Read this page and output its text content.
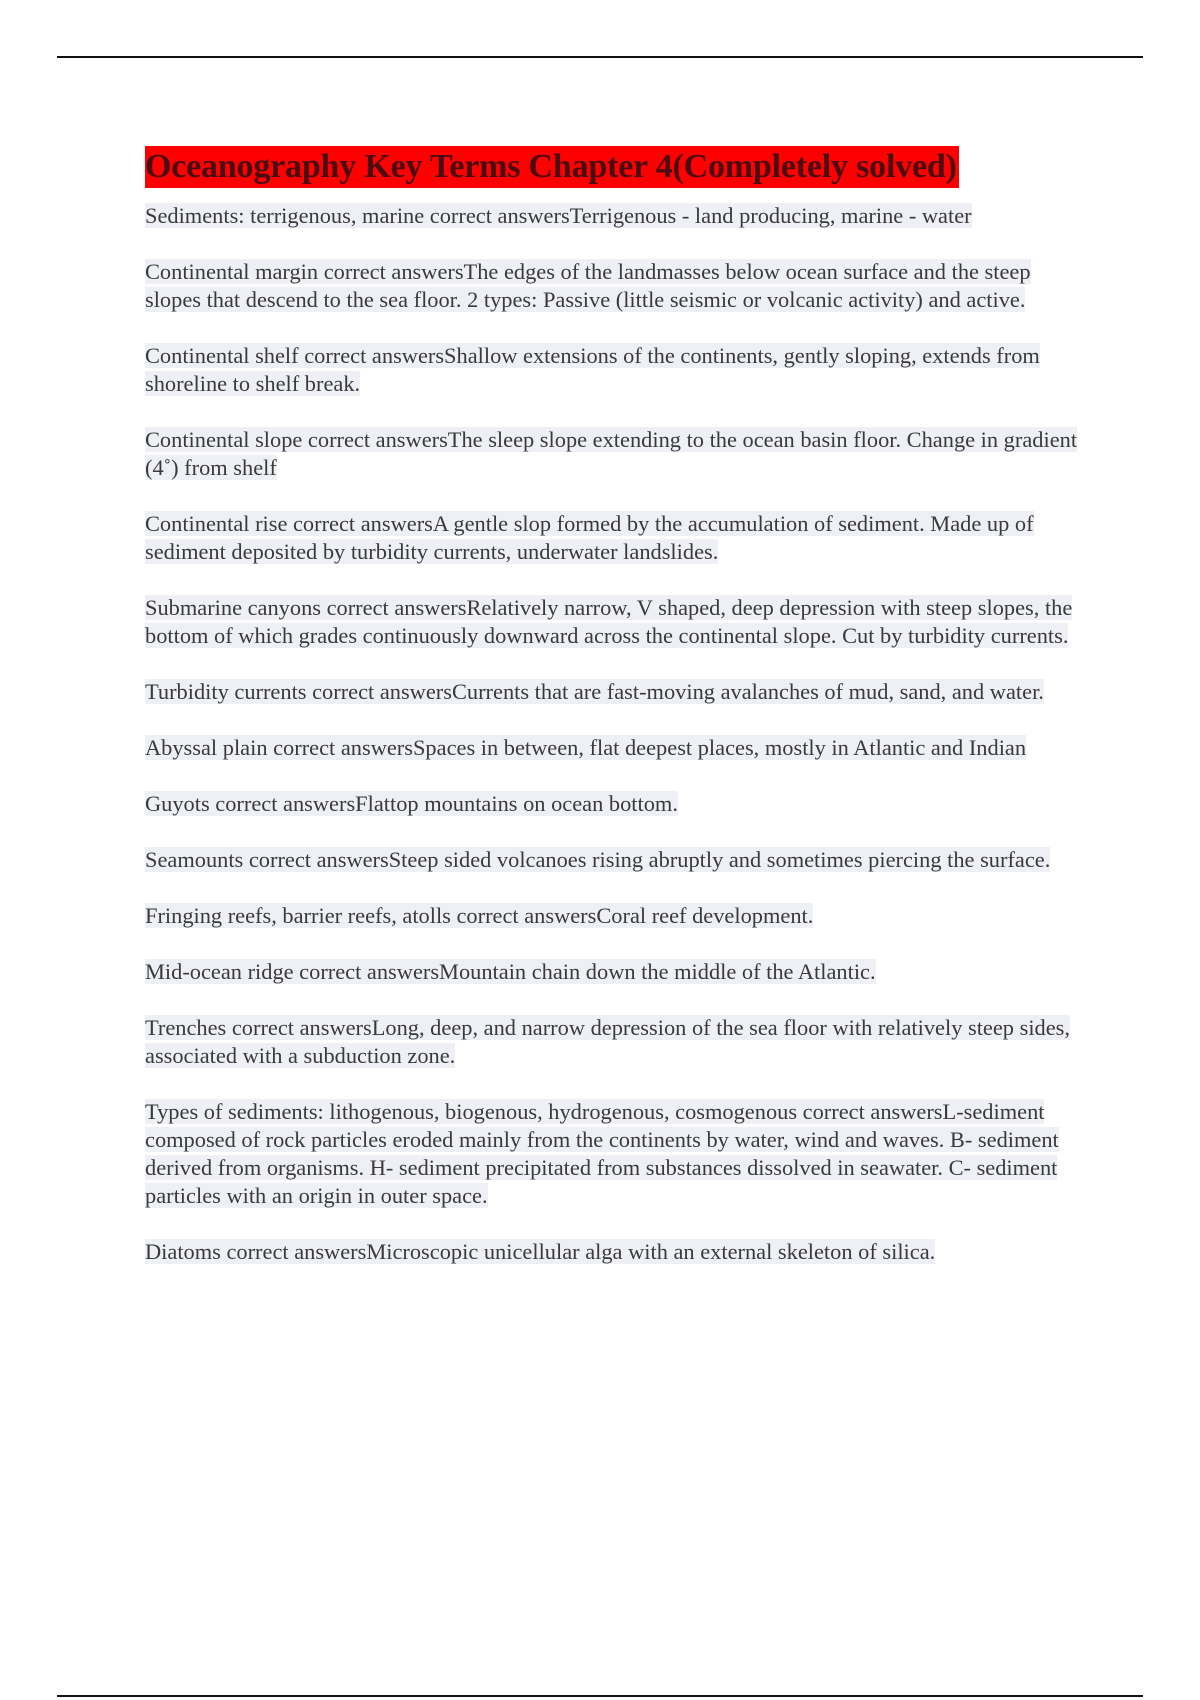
Oceanography Key Terms Chapter 4(Completely solved)

Sediments: terrigenous, marine correct answersTerrigenous - land producing, marine - water

Continental margin correct answersThe edges of the landmasses below ocean surface and the steep slopes that descend to the sea floor. 2 types: Passive (little seismic or volcanic activity) and active.

Continental shelf correct answersShallow extensions of the continents, gently sloping, extends from shoreline to shelf break.

Continental slope correct answersThe sleep slope extending to the ocean basin floor. Change in gradient (4˚) from shelf

Continental rise correct answersA gentle slop formed by the accumulation of sediment. Made up of sediment deposited by turbidity currents, underwater landslides.

Submarine canyons correct answersRelatively narrow, V shaped, deep depression with steep slopes, the bottom of which grades continuously downward across the continental slope. Cut by turbidity currents.

Turbidity currents correct answersCurrents that are fast-moving avalanches of mud, sand, and water.

Abyssal plain correct answersSpaces in between, flat deepest places, mostly in Atlantic and Indian

Guyots correct answersFlattop mountains on ocean bottom.

Seamounts correct answersSteep sided volcanoes rising abruptly and sometimes piercing the surface.

Fringing reefs, barrier reefs, atolls correct answersCoral reef development.

Mid-ocean ridge correct answersMountain chain down the middle of the Atlantic.

Trenches correct answersLong, deep, and narrow depression of the sea floor with relatively steep sides, associated with a subduction zone.

Types of sediments: lithogenous, biogenous, hydrogenous, cosmogenous correct answersL-sediment composed of rock particles eroded mainly from the continents by water, wind and waves. B- sediment derived from organisms. H- sediment precipitated from substances dissolved in seawater. C- sediment particles with an origin in outer space.

Diatoms correct answersMicroscopic unicellular alga with an external skeleton of silica.
